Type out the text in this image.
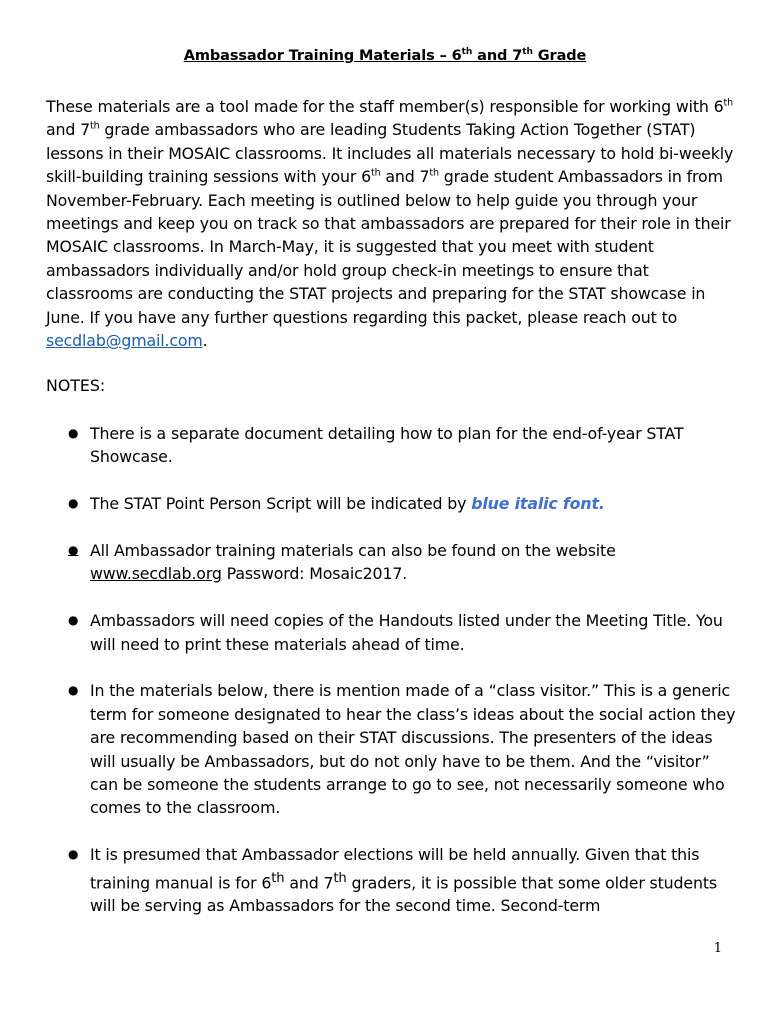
Ambassador Training Materials – 6th and 7th Grade
These materials are a tool made for the staff member(s) responsible for working with 6th and 7th grade ambassadors who are leading Students Taking Action Together (STAT) lessons in their MOSAIC classrooms. It includes all materials necessary to hold bi-weekly skill-building training sessions with your 6th and 7th grade student Ambassadors in from November-February. Each meeting is outlined below to help guide you through your meetings and keep you on track so that ambassadors are prepared for their role in their MOSAIC classrooms. In March-May, it is suggested that you meet with student ambassadors individually and/or hold group check-in meetings to ensure that classrooms are conducting the STAT projects and preparing for the STAT showcase in June. If you have any further questions regarding this packet, please reach out to secdlab@gmail.com.
NOTES:
● There is a separate document detailing how to plan for the end-of-year STAT Showcase.
● The STAT Point Person Script will be indicated by blue italic font.
● All Ambassador training materials can also be found on the website www.secdlab.org Password: Mosaic2017.
● Ambassadors will need copies of the Handouts listed under the Meeting Title. You will need to print these materials ahead of time.
● In the materials below, there is mention made of a “class visitor.” This is a generic term for someone designated to hear the class’s ideas about the social action they are recommending based on their STAT discussions. The presenters of the ideas will usually be Ambassadors, but do not only have to be them. And the “visitor” can be someone the students arrange to go to see, not necessarily someone who comes to the classroom.
● It is presumed that Ambassador elections will be held annually. Given that this training manual is for 6th and 7th graders, it is possible that some older students will be serving as Ambassadors for the second time. Second-term
1
